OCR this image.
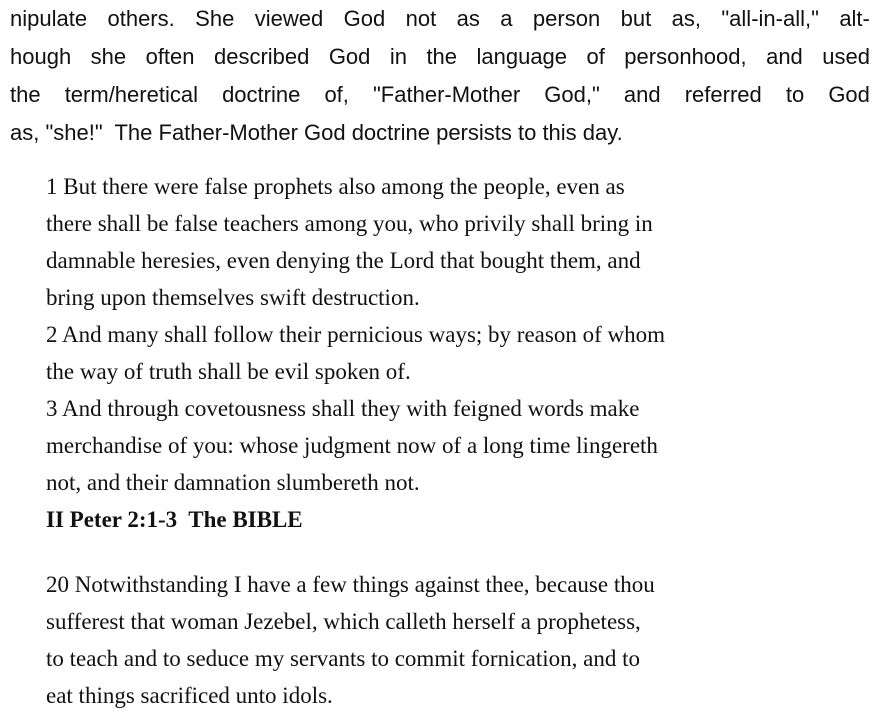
nipulate others. She viewed God not as a person but as, "all-in-all," alt-
hough she often described God in the language of personhood, and used
the term/heretical doctrine of, "Father-Mother God," and referred to God
as, "she!"  The Father-Mother God doctrine persists to this day.
1 But there were false prophets also among the people, even as
there shall be false teachers among you, who privily shall bring in
damnable heresies, even denying the Lord that bought them, and
bring upon themselves swift destruction.
2 And many shall follow their pernicious ways; by reason of whom
the way of truth shall be evil spoken of.
3 And through covetousness shall they with feigned words make
merchandise of you: whose judgment now of a long time lingereth
not, and their damnation slumbereth not.
II Peter 2:1-3  The BIBLE
20 Notwithstanding I have a few things against thee, because thou
sufferest that woman Jezebel, which calleth herself a prophetess,
to teach and to seduce my servants to commit fornication, and to
eat things sacrificed unto idols.
